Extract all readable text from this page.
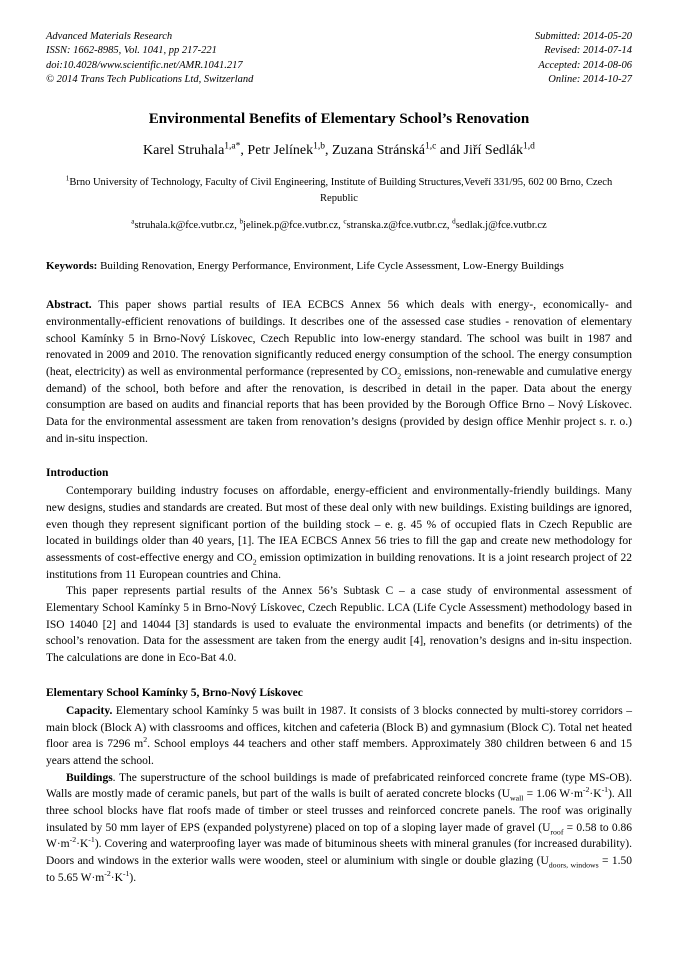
Advanced Materials Research
ISSN: 1662-8985, Vol. 1041, pp 217-221
doi:10.4028/www.scientific.net/AMR.1041.217
© 2014 Trans Tech Publications Ltd, Switzerland
Submitted: 2014-05-20
Revised: 2014-07-14
Accepted: 2014-08-06
Online: 2014-10-27
Environmental Benefits of Elementary School’s Renovation
Karel Struhala$^{1,a*}$, Petr Jelínek$^{1,b}$, Zuzana Stránská$^{1,c}$ and Jiří Sedlák$^{1,d}$
$^1$Brno University of Technology, Faculty of Civil Engineering, Institute of Building Structures,Veveří 331/95, 602 00 Brno, Czech Republic
$^a$struhala.k@fce.vutbr.cz, $^b$jelinek.p@fce.vutbr.cz, $^c$stranska.z@fce.vutbr.cz, $^d$sedlak.j@fce.vutbr.cz
Keywords: Building Renovation, Energy Performance, Environment, Life Cycle Assessment, Low-Energy Buildings
Abstract. This paper shows partial results of IEA ECBCS Annex 56 which deals with energy-, economically- and environmentally-efficient renovations of buildings. It describes one of the assessed case studies - renovation of elementary school Kamínky 5 in Brno-Nový Lískovec, Czech Republic into low-energy standard. The school was built in 1987 and renovated in 2009 and 2010. The renovation significantly reduced energy consumption of the school. The energy consumption (heat, electricity) as well as environmental performance (represented by $CO_2$ emissions, non-renewable and cumulative energy demand) of the school, both before and after the renovation, is described in detail in the paper. Data about the energy consumption are based on audits and financial reports that has been provided by the Borough Office Brno – Nový Lískovec. Data for the environmental assessment are taken from renovation’s designs (provided by design office Menhir project s. r. o.) and in-situ inspection.
Introduction

Contemporary building industry focuses on affordable, energy-efficient and environmentally-friendly buildings. Many new designs, studies and standards are created. But most of these deal only with new buildings. Existing buildings are ignored, even though they represent significant portion of the building stock – e. g. 45 % of occupied flats in Czech Republic are located in buildings older than 40 years, [1]. The IEA ECBCS Annex 56 tries to fill the gap and create new methodology for assessments of cost-effective energy and $CO_2$ emission optimization in building renovations. It is a joint research project of 22 institutions from 11 European countries and China.

This paper represents partial results of the Annex 56’s Subtask C – a case study of environmental assessment of Elementary School Kamínky 5 in Brno-Nový Lískovec, Czech Republic. LCA (Life Cycle Assessment) methodology based in ISO 14040 [2] and 14044 [3] standards is used to evaluate the environmental impacts and benefits (or detriments) of the school’s renovation. Data for the assessment are taken from the energy audit [4], renovation’s designs and in-situ inspection. The calculations are done in Eco-Bat 4.0.

Elementary School Kamínky 5, Brno-Nový Lískovec

Capacity. Elementary school Kamínky 5 was built in 1987. It consists of 3 blocks connected by multi-storey corridors – main block (Block A) with classrooms and offices, kitchen and cafeteria (Block B) and gymnasium (Block C). Total net heated floor area is 7296 $m^2$. School employs 44 teachers and other staff members. Approximately 380 children between 6 and 15 years attend the school.

Buildings. The superstructure of the school buildings is made of prefabricated reinforced concrete frame (type MS-OB). Walls are mostly made of ceramic panels, but part of the walls is built of aerated concrete blocks ($U_{wall} = 1.06$ $W\cdot m^{-2}\cdot K^{-1}$). All three school blocks have flat roofs made of timber or steel trusses and reinforced concrete panels. The roof was originally insulated by 50 mm layer of EPS (expanded polystyrene) placed on top of a sloping layer made of gravel ($U_{roof} = 0.58$ to 0.86 $W\cdot m^{-2}\cdot K^{-1}$). Covering and waterproofing layer was made of bituminous sheets with mineral granules (for increased durability). Doors and windows in the exterior walls were wooden, steel or aluminium with single or double glazing ($U_{doors, windows} = 1.50$ to 5.65 $W\cdot m^{-2}\cdot K^{-1}$).
